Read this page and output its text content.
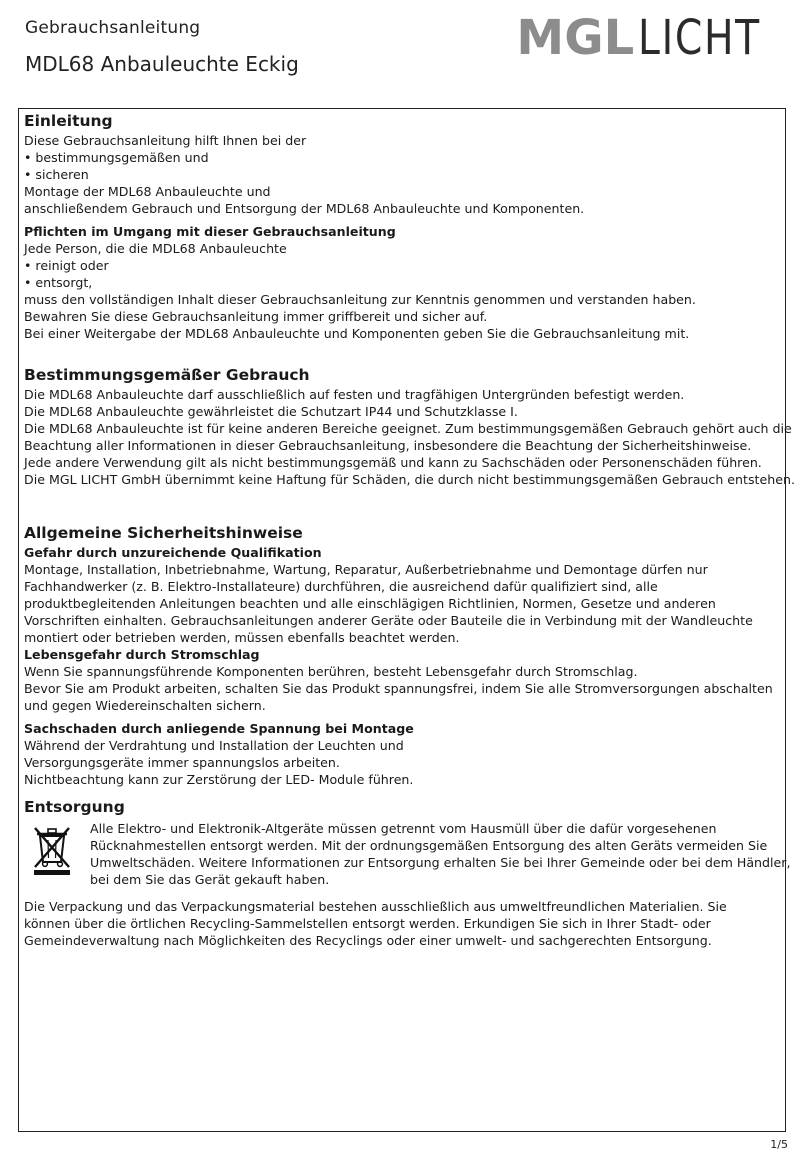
Gebrauchsanleitung
MDL68 Anbauleuchte Eckig	MGLLICHT
Einleitung
Diese Gebrauchsanleitung hilft Ihnen bei der
• bestimmungsgemäßen und
• sicheren
Montage der MDL68 Anbauleuchte und
anschließendem Gebrauch und Entsorgung der MDL68 Anbauleuchte und Komponenten.
Pflichten im Umgang mit dieser Gebrauchsanleitung
Jede Person, die die MDL68 Anbauleuchte
• reinigt oder
• entsorgt,
muss den vollständigen Inhalt dieser Gebrauchsanleitung zur Kenntnis genommen und verstanden haben.
Bewahren Sie diese Gebrauchsanleitung immer griffbereit und sicher auf.
Bei einer Weitergabe der MDL68 Anbauleuchte und Komponenten geben Sie die Gebrauchsanleitung mit.
Bestimmungsgemäßer Gebrauch
Die MDL68 Anbauleuchte darf ausschließlich auf festen und tragfähigen Untergründen befestigt werden.
Die MDL68 Anbauleuchte gewährleistet die Schutzart IP44 und Schutzklasse I.
Die MDL68 Anbauleuchte ist für keine anderen Bereiche geeignet. Zum bestimmungsgemäßen Gebrauch gehört auch die
Beachtung aller Informationen in dieser Gebrauchsanleitung, insbesondere die Beachtung der Sicherheitshinweise.
Jede andere Verwendung gilt als nicht bestimmungsgemäß und kann zu Sachschäden oder Personenschäden führen.
Die MGL LICHT GmbH übernimmt keine Haftung für Schäden, die durch nicht bestimmungsgemäßen Gebrauch entstehen.
Allgemeine Sicherheitshinweise
Gefahr durch unzureichende Qualifikation
Montage, Installation, Inbetriebnahme, Wartung, Reparatur, Außerbetriebnahme und Demontage dürfen nur
Fachhandwerker (z. B. Elektro-Installateure) durchführen, die ausreichend dafür qualifiziert sind, alle
produktbegleitenden Anleitungen beachten und alle einschlägigen Richtlinien, Normen, Gesetze und anderen
Vorschriften einhalten. Gebrauchsanleitungen anderer Geräte oder Bauteile die in Verbindung mit der Wandleuchte
montiert oder betrieben werden, müssen ebenfalls beachtet werden.
Lebensgefahr durch Stromschlag
Wenn Sie spannungsführende Komponenten berühren, besteht Lebensgefahr durch Stromschlag.
Bevor Sie am Produkt arbeiten, schalten Sie das Produkt spannungsfrei, indem Sie alle Stromversorgungen abschalten
und gegen Wiedereinschalten sichern.
Sachschaden durch anliegende Spannung bei Montage
Während der Verdrahtung und Installation der Leuchten und
Versorgungsgeräte immer spannungslos arbeiten.
Nichtbeachtung kann zur Zerstörung der LED- Module führen.
Entsorgung
Alle Elektro- und Elektronik-Altgeräte müssen getrennt vom Hausmüll über die dafür vorgesehenen
Rücknahmestellen entsorgt werden. Mit der ordnungsgemäßen Entsorgung des alten Geräts vermeiden Sie
Umweltschäden. Weitere Informationen zur Entsorgung erhalten Sie bei Ihrer Gemeinde oder bei dem Händler,
bei dem Sie das Gerät gekauft haben.
Die Verpackung und das Verpackungsmaterial bestehen ausschließlich aus umweltfreundlichen Materialien. Sie
können über die örtlichen Recycling-Sammelstellen entsorgt werden. Erkundigen Sie sich in Ihrer Stadt- oder
Gemeindeverwaltung nach Möglichkeiten des Recyclings oder einer umwelt- und sachgerechten Entsorgung.
1/5
